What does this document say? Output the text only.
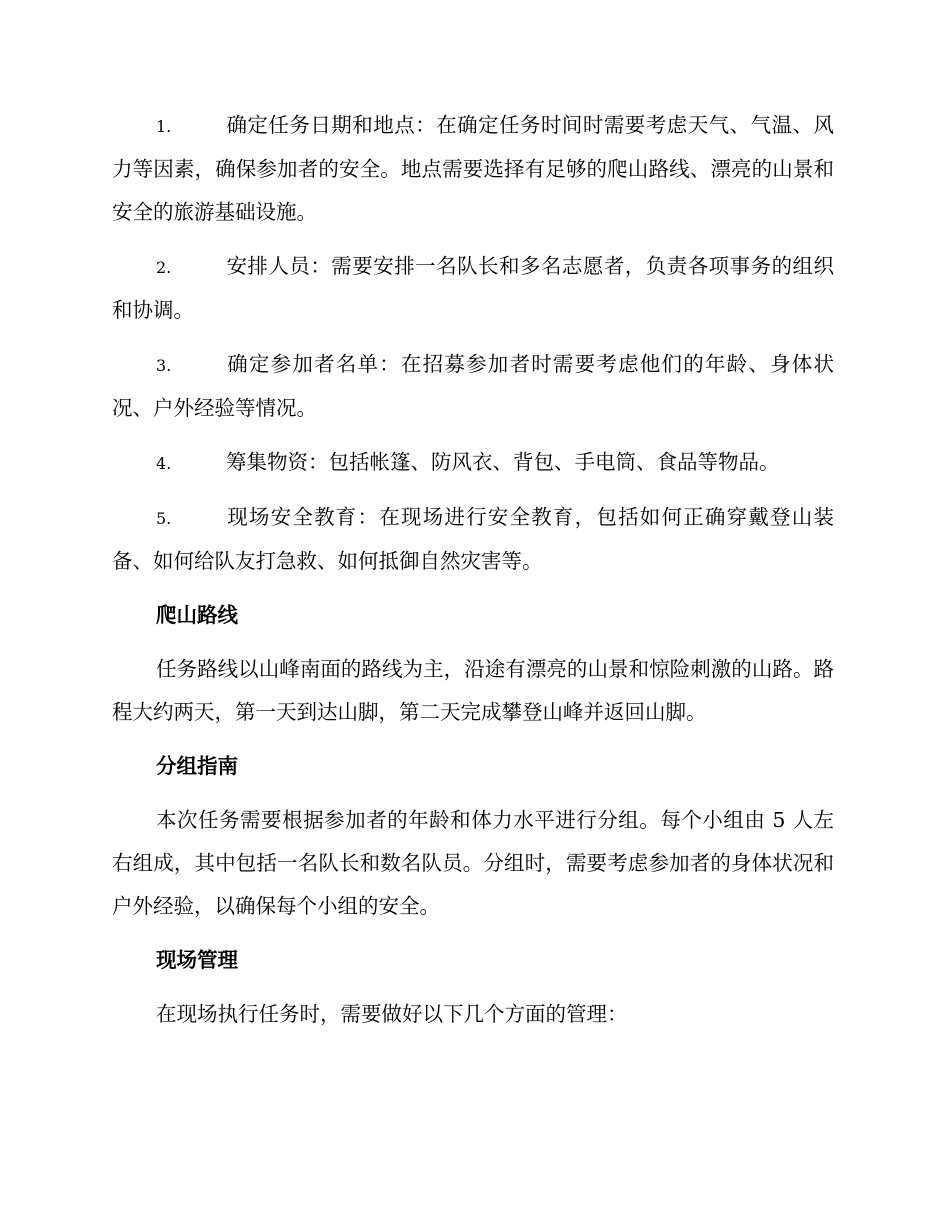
1.	确定任务日期和地点：在确定任务时间时需要考虑天气、气温、风力等因素，确保参加者的安全。地点需要选择有足够的爬山路线、漂亮的山景和安全的旅游基础设施。
2.	安排人员：需要安排一名队长和多名志愿者，负责各项事务的组织和协调。
3.	确定参加者名单：在招募参加者时需要考虑他们的年龄、身体状况、户外经验等情况。
4.	筹集物资：包括帐篷、防风衣、背包、手电筒、食品等物品。
5.	现场安全教育：在现场进行安全教育，包括如何正确穿戴登山装备、如何给队友打急救、如何抵御自然灾害等。
爬山路线
任务路线以山峰南面的路线为主，沿途有漂亮的山景和惊险刺激的山路。路程大约两天，第一天到达山脚，第二天完成攀登山峰并返回山脚。
分组指南
本次任务需要根据参加者的年龄和体力水平进行分组。每个小组由 5 人左右组成，其中包括一名队长和数名队员。分组时，需要考虑参加者的身体状况和户外经验，以确保每个小组的安全。
现场管理
在现场执行任务时，需要做好以下几个方面的管理：
